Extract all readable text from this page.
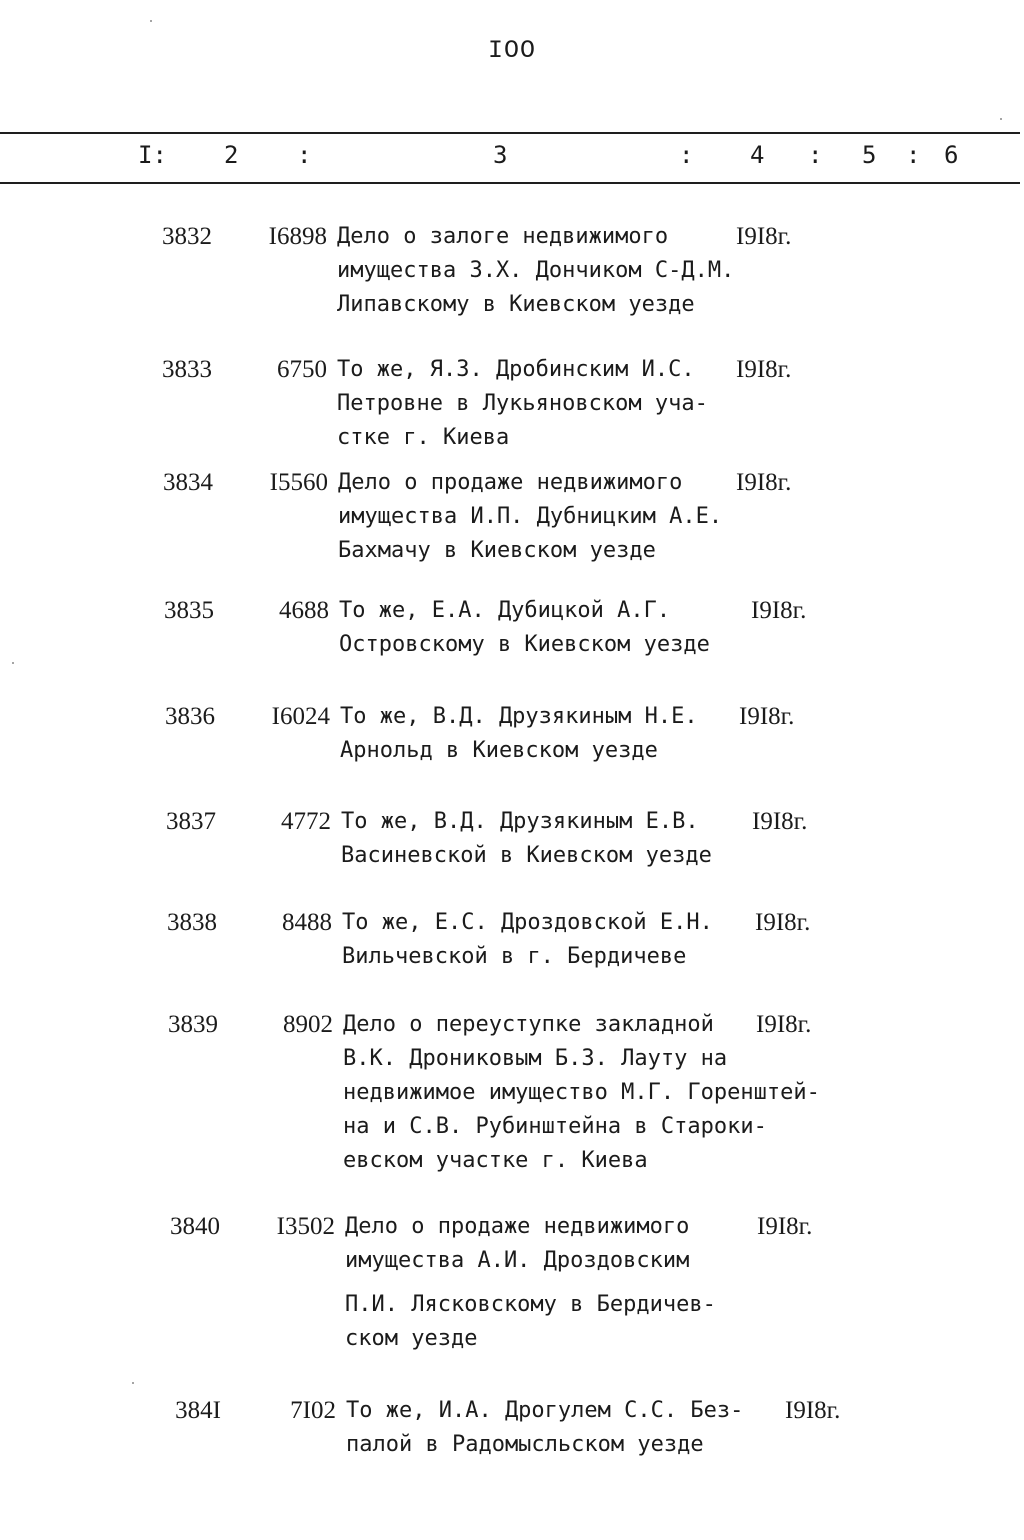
IOO
I: 2 :	3	: 4 : 5 : 6
3832	I6898 Дело о залоге недвижимого
имущества З.Х. Дончиком С-Д.М.
Липавскому в Киевском уезде
I9I8г.
3833	6750 То же, Я.З. Дробинским И.С.
Петровне в Лукьяновском уча-
стке г. Киева
I9I8г.
3834	I5560 Дело о продаже недвижимого
имущества И.П. Дубницким А.Е.
Бахмачу в Киевском уезде
I9I8г.
3835	4688 То же, Е.А. Дубицкой А.Г.
Островскому в Киевском уезде
I9I8г.
3836	I6024 То же, В.Д. Друзякиным Н.Е.
Арнольд в Киевском уезде
I9I8г.
3837	4772 То же, В.Д. Друзякиным Е.В.
Васиневской в Киевском уезде
I9I8г.
3838	8488 То же, Е.С. Дроздовской Е.Н.
Вильчевской в г. Бердичеве
I9I8г.
3839	8902 Дело о переуступке закладной
В.К. Дрониковым Б.З. Лауту на
недвижимое имущество М.Г. Горенштей-
на и С.В. Рубинштейна в Староки-
евском участке г. Киева
I9I8г.
3840	I3502 Дело о продаже недвижимого
имущества А.И. Дроздовским
П.И. Лясковскому в Бердичев-
ском уезде
I9I8г.
384I	7I02 То же, И.А. Дрогулем С.С. Без-
палой в Радомысльском уезде
I9I8г.
